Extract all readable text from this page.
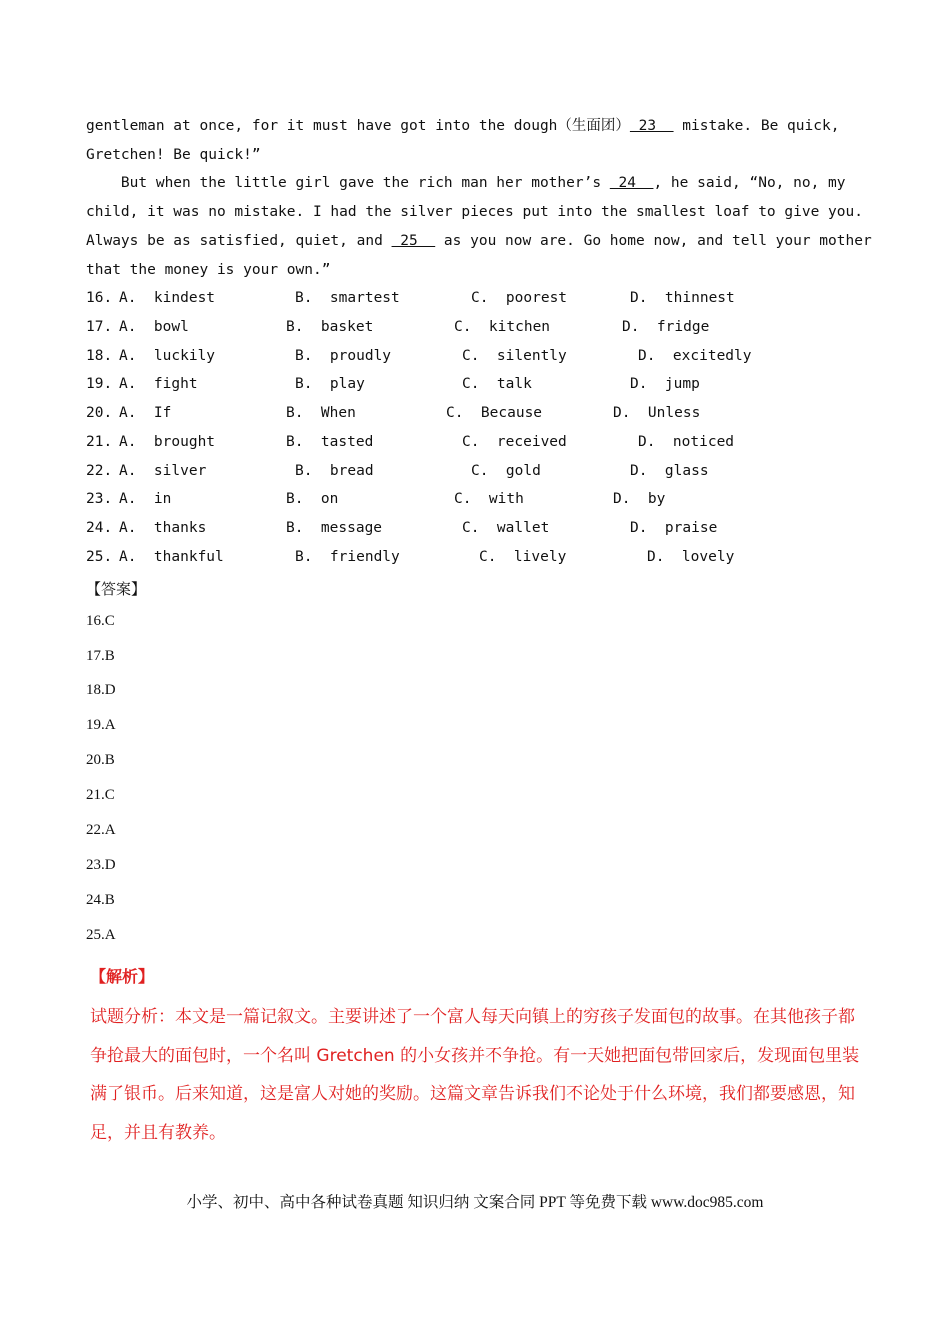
gentleman at once, for it must have got into the dough（生面团） 23   mistake. Be quick,
Gretchen! Be quick!”
But when the little girl gave the rich man her mother’s  24  , he said, “No, no, my
child, it was no mistake. I had the silver pieces put into the smallest loaf to give you.
Always be as satisfied, quiet, and  25   as you now are. Go home now, and tell your mother
that the money is your own.”
16. A.  kindest	B.  smartest	C.  poorest	D.  thinnest
17. A.  bowl	B.  basket	C.  kitchen	D.  fridge
18. A.  luckily	B.  proudly	C.  silently	D.  excitedly
19. A.  fight	B.  play	C.  talk	D.  jump
20. A.  If	B.  When	C.  Because	D.  Unless
21. A.  brought	B.  tasted	C.  received	D.  noticed
22. A.  silver	B.  bread	C.  gold	D.  glass
23. A.  in	B.  on	C.  with	D.  by
24. A.  thanks	B.  message	C.  wallet	D.  praise
25. A.  thankful	B.  friendly	C.  lively	D.  lovely
【答案】
16.C
17.B
18.D
19.A
20.B
21.C
22.A
23.D
24.B
25.A
【解析】
试题分析：本文是一篇记叙文。主要讲述了一个富人每天向镇上的穷孩子发面包的故事。在其他孩子都争抢最大的面包时，一个名叫 Gretchen 的小女孩并不争抢。有一天她把面包带回家后，发现面包里装满了银币。后来知道，这是富人对她的奖励。这篇文章告诉我们不论处于什么环境，我们都要感恩，知足，并且有教养。
小学、初中、高中各种试卷真题 知识归纳 文案合同 PPT 等免费下载 www.doc985.com
